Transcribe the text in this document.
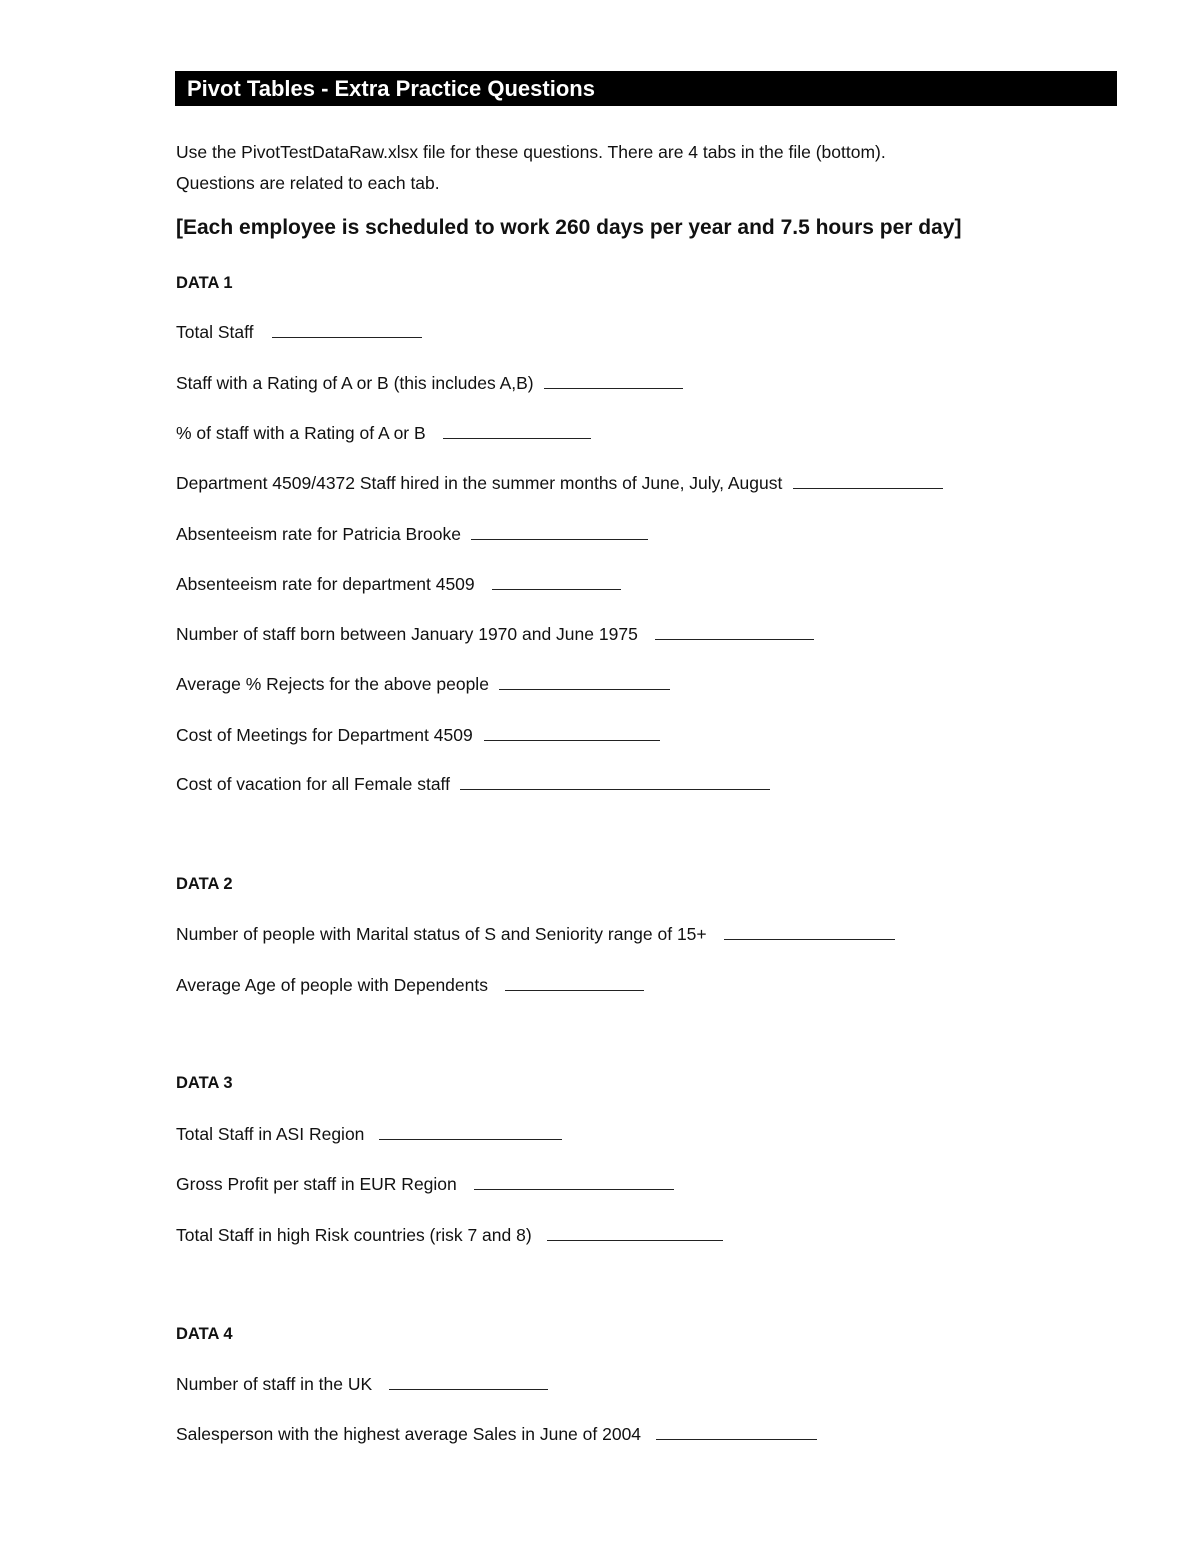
Pivot Tables - Extra Practice Questions
Use the PivotTestDataRaw.xlsx file for these questions. There are 4 tabs in the file (bottom).
Questions are related to each tab.
[Each employee is scheduled to work 260 days per year and 7.5 hours per day]
DATA 1
Total Staff
Staff with a Rating of A or B (this includes A,B)
% of staff with a Rating of A or B
Department 4509/4372 Staff hired in the summer months of June, July, August
Absenteeism rate for Patricia Brooke
Absenteeism rate for department 4509
Number of staff born between January 1970 and June 1975
Average % Rejects for the above people
Cost of Meetings for Department 4509
Cost of vacation for all Female staff
DATA 2
Number of people with Marital status of S and Seniority range of 15+
Average Age of people with Dependents
DATA 3
Total Staff in ASI Region
Gross Profit per staff in EUR Region
Total Staff in high Risk countries (risk 7 and 8)
DATA 4
Number of staff in the UK
Salesperson with the highest average Sales in June of 2004
